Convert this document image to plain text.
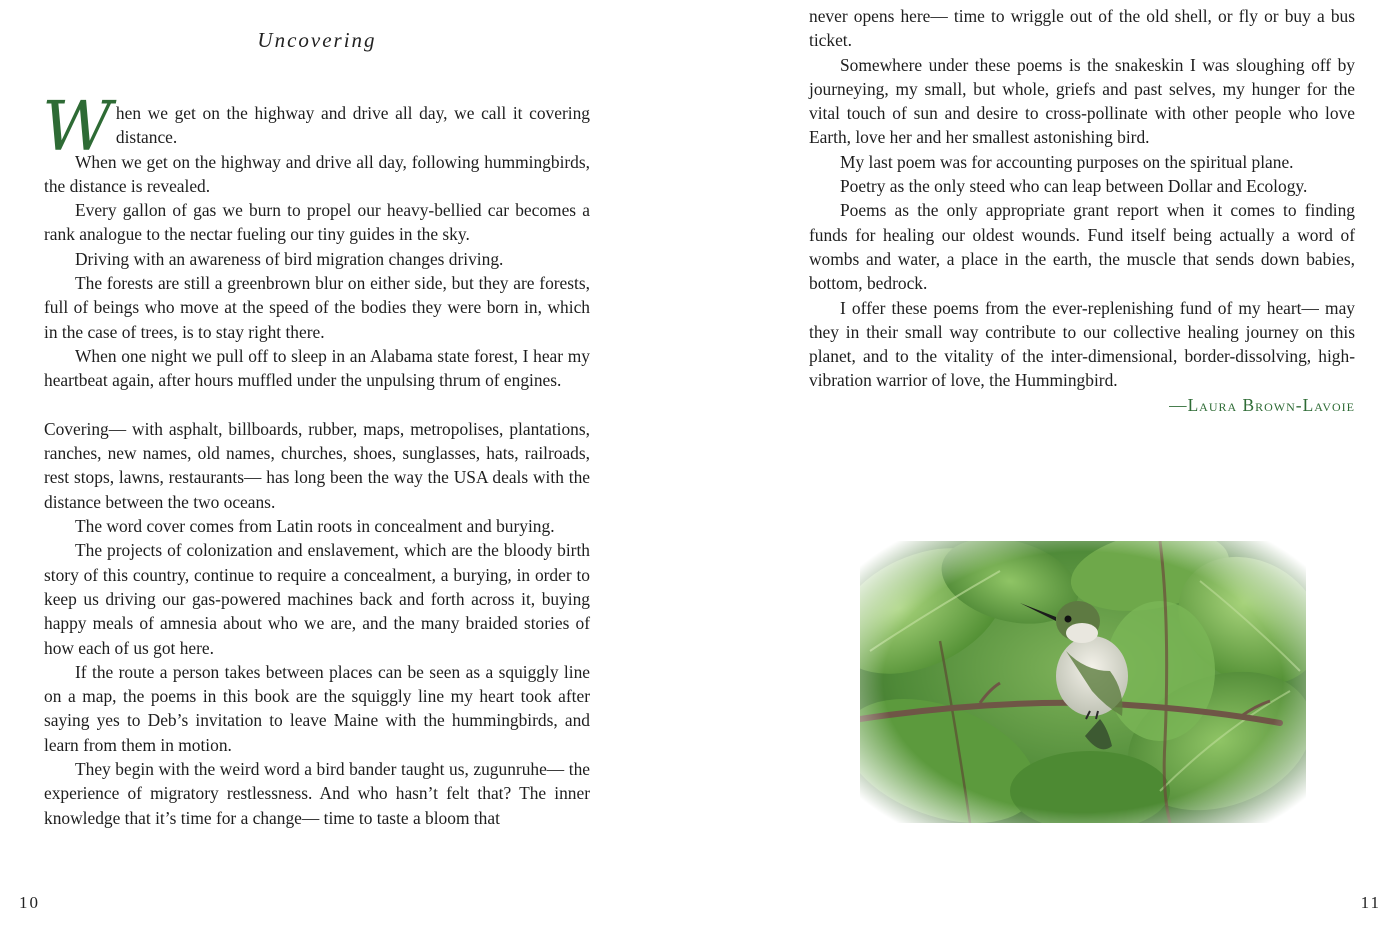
Uncovering

When we get on the highway and drive all day, we call it covering distance.

When we get on the highway and drive all day, following hummingbirds, the distance is revealed.

Every gallon of gas we burn to propel our heavy-bellied car becomes a rank analogue to the nectar fueling our tiny guides in the sky.

Driving with an awareness of bird migration changes driving.

The forests are still a greenbrown blur on either side, but they are forests, full of beings who move at the speed of the bodies they were born in, which in the case of trees, is to stay right there.

When one night we pull off to sleep in an Alabama state forest, I hear my heartbeat again, after hours muffled under the unpulsing thrum of engines.

Covering— with asphalt, billboards, rubber, maps, metropolises, plantations, ranches, new names, old names, churches, shoes, sunglasses, hats, railroads, rest stops, lawns, restaurants— has long been the way the USA deals with the distance between the two oceans.

The word cover comes from Latin roots in concealment and burying.

The projects of colonization and enslavement, which are the bloody birth story of this country, continue to require a concealment, a burying, in order to keep us driving our gas-powered machines back and forth across it, buying happy meals of amnesia about who we are, and the many braided stories of how each of us got here.

If the route a person takes between places can be seen as a squiggly line on a map, the poems in this book are the squiggly line my heart took after saying yes to Deb’s invitation to leave Maine with the hummingbirds, and learn from them in motion.

They begin with the weird word a bird bander taught us, zugunruhe— the experience of migratory restlessness. And who hasn’t felt that? The inner knowledge that it’s time for a change— time to taste a bloom that

10

never opens here— time to wriggle out of the old shell, or fly or buy a bus ticket.

Somewhere under these poems is the snakeskin I was sloughing off by journeying, my small, but whole, griefs and past selves, my hunger for the vital touch of sun and desire to cross-pollinate with other people who love Earth, love her and her smallest astonishing bird.

My last poem was for accounting purposes on the spiritual plane.

Poetry as the only steed who can leap between Dollar and Ecology.

Poems as the only appropriate grant report when it comes to finding funds for healing our oldest wounds. Fund itself being actually a word of wombs and water, a place in the earth, the muscle that sends down babies, bottom, bedrock.

I offer these poems from the ever-replenishing fund of my heart— may they in their small way contribute to our collective healing journey on this planet, and to the vitality of the inter-dimensional, border-dissolving, high-vibration warrior of love, the Hummingbird.

—Laura Brown-Lavoie

11
